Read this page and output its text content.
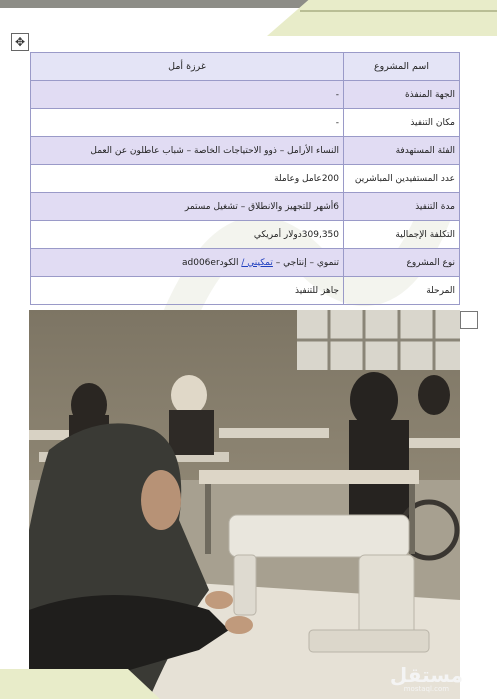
✥
اسم المشروع	غرزة أمل
الجهة المنفذة	-
مكان التنفيذ	-
الفئة المستهدفة	النساء الأرامل – ذوو الاحتياجات الخاصة – شباب عاطلون عن العمل
عدد المستفيدين المباشرين	200عامل وعاملة
مدة التنفيذ	6أشهر للتجهيز والانطلاق – تشغيل مستمر
التكلفة الإجمالية	309,350دولار أمريكي
نوع المشروع	تنموي – إنتاجي – تمكيني / الكودad006er
المرحلة	جاهز للتنفيذ
مستقل
mostaql.com
